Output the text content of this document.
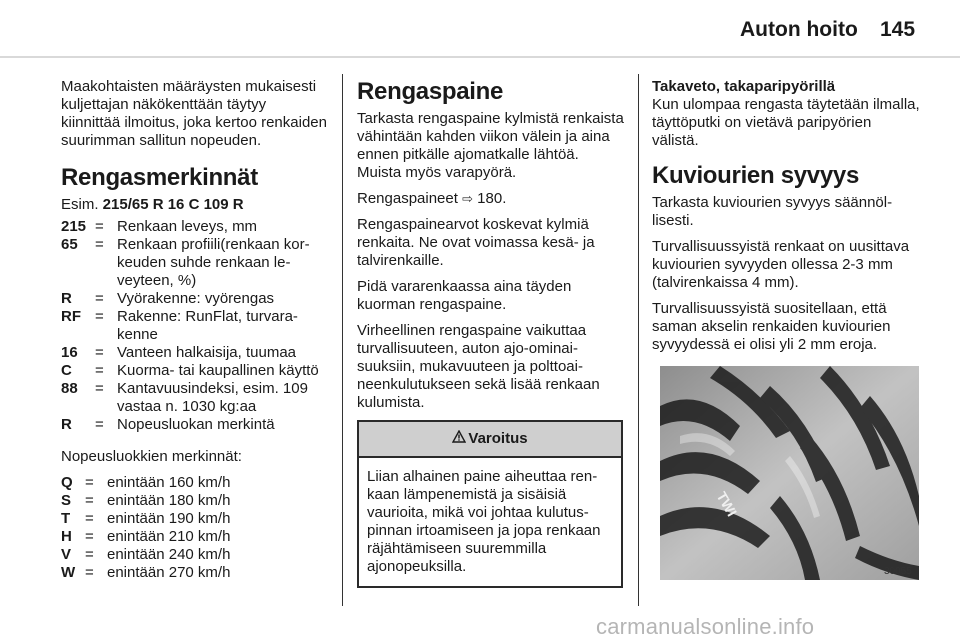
Auton hoito 145

Maakohtaisten määräysten mukaisesti kuljettajan näkökenttään täytyy kiinnittää ilmoitus, joka kertoo renkaiden suurimman sallitun nopeuden.

Rengasmerkinnät

Esim. 215/65 R 16 C 109 R

215 = Renkaan leveys, mm
65	= Renkaan profiili(renkaan korkeuden suhde renkaan leveyteen, %)
R	= Vyörakenne: vyörengas
RF = Rakenne: RunFlat, turvarakenne
16	= Vanteen halkaisija, tuumaa
C	= Kuorma- tai kaupallinen käyttö
88	= Kantavuusindeksi, esim. 109 vastaa n. 1030 kg:aa
R	= Nopeusluokan merkintä

Nopeusluokkien merkinnät:

Q = enintään 160 km/h
S = enintään 180 km/h
T = enintään 190 km/h
H = enintään 210 km/h
V = enintään 240 km/h
W = enintään 270 km/h
Rengaspaine

Tarkasta rengaspaine kylmistä renkaista vähintään kahden viikon välein ja aina ennen pitkälle ajomatkalle lähtöä. Muista myös varapyörä.

Rengaspaineet ⇨ 180.

Rengaspainearvot koskevat kylmiä renkaita. Ne ovat voimassa kesä- ja talvirenkaille.

Pidä vararenkaassa aina täyden kuorman rengaspaine.

Virheellinen rengaspaine vaikuttaa turvallisuuteen, auton ajo-ominaisuuksiin, mukavuuteen ja polttoaineenkulutukseen sekä lisää renkaan kulumista.

Varoitus
Liian alhainen paine aiheuttaa renkaan lämpenemistä ja sisäisiä vaurioita, mikä voi johtaa kulutuspinnan irtoamiseen ja jopa renkaan räjähtämiseen suuremmilla ajonopeuksilla.
Takaveto, takaparipyörillä

Kun ulompaa rengasta täytetään ilmalla, täyttöputki on vietävä paripyörien välistä.

Kuviourien syvyys

Tarkasta kuviourien syvyys säännöllisesti.

Turvallisuussyistä renkaat on uusittava kuviourien syvyyden ollessa 2-3 mm (talvirenkaissa 4 mm).

Turvallisuussyistä suositellaan, että saman akselin renkaiden kuviourien syvyydessä ei olisi yli 2 mm eroja.

TWI
30055
carmanualsonline.info
